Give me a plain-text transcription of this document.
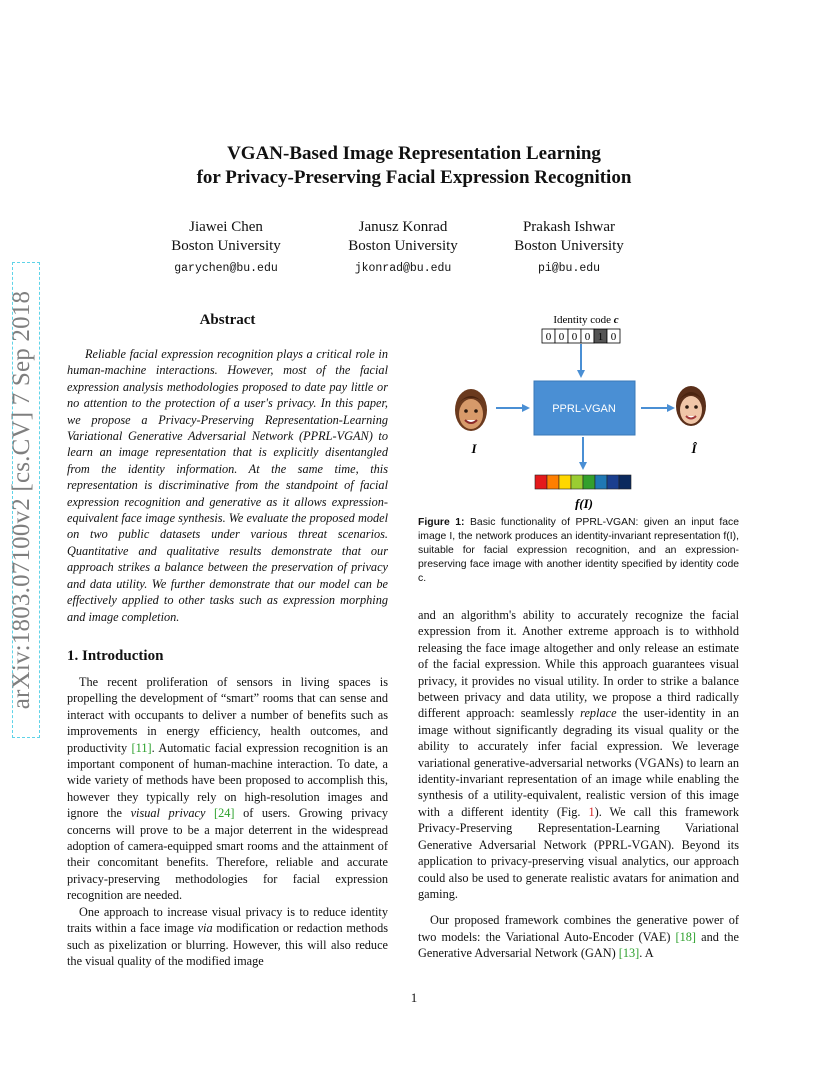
arXiv:1803.07100v2 [cs.CV] 7 Sep 2018
VGAN-Based Image Representation Learning
for Privacy-Preserving Facial Expression Recognition
Jiawei Chen
Boston University
garychen@bu.edu
Janusz Konrad
Boston University
jkonrad@bu.edu
Prakash Ishwar
Boston University
pi@bu.edu
Abstract

Reliable facial expression recognition plays a critical role in human-machine interactions. However, most of the facial expression analysis methodologies proposed to date pay little or no attention to the protection of a user's privacy. In this paper, we propose a Privacy-Preserving Representation-Learning Variational Generative Adversarial Network (PPRL-VGAN) to learn an image representation that is explicitly disentangled from the identity information. At the same time, this representation is discriminative from the standpoint of facial expression recognition and generative as it allows expression-equivalent face image synthesis. We evaluate the proposed model on two public datasets under various threat scenarios. Quantitative and qualitative results demonstrate that our approach strikes a balance between the preservation of privacy and data utility. We further demonstrate that our model can be effectively applied to other tasks such as expression morphing and image completion.

1. Introduction

The recent proliferation of sensors in living spaces is propelling the development of “smart” rooms that can sense and interact with occupants to deliver a number of benefits such as improvements in energy efficiency, health outcomes, and productivity [11]. Automatic facial expression recognition is an important component of human-machine interaction. To date, a wide variety of methods have been proposed to accomplish this, however they typically rely on high-resolution images and ignore the visual privacy [24] of users. Growing privacy concerns will prove to be a major deterrent in the widespread adoption of camera-equipped smart rooms and the attainment of their concomitant benefits. Therefore, reliable and accurate privacy-preserving methodologies for facial expression recognition are needed.

One approach to increase visual privacy is to reduce identity traits within a face image via modification or redaction methods such as pixelization or blurring. However, this will also reduce the visual quality of the modified image

Identity code c
0 0 0 0 1 0
PPRL-VGAN
I	Î
f(I)
Figure 1: Basic functionality of PPRL-VGAN: given an input face image I, the network produces an identity-invariant representation f(I), suitable for facial expression recognition, and an expression-preserving face image with another identity specified by identity code c.

and an algorithm's ability to accurately recognize the facial expression from it. Another extreme approach is to withhold releasing the face image altogether and only release an estimate of the facial expression. While this approach guarantees visual privacy, it provides no visual utility. In order to strike a balance between privacy and data utility, we propose a third radically different approach: seamlessly replace the user-identity in an image without significantly degrading its visual quality or the ability to accurately infer facial expression. We leverage variational generative-adversarial networks (VGANs) to learn an identity-invariant representation of an image while enabling the synthesis of a utility-equivalent, realistic version of this image with a different identity (Fig. 1). We call this framework Privacy-Preserving Representation-Learning Variational Generative Adversarial Network (PPRL-VGAN). Beyond its application to privacy-preserving visual analytics, our approach could also be used to generate realistic avatars for animation and gaming.

Our proposed framework combines the generative power of two models: the Variational Auto-Encoder (VAE) [18] and the Generative Adversarial Network (GAN) [13]. A

1
